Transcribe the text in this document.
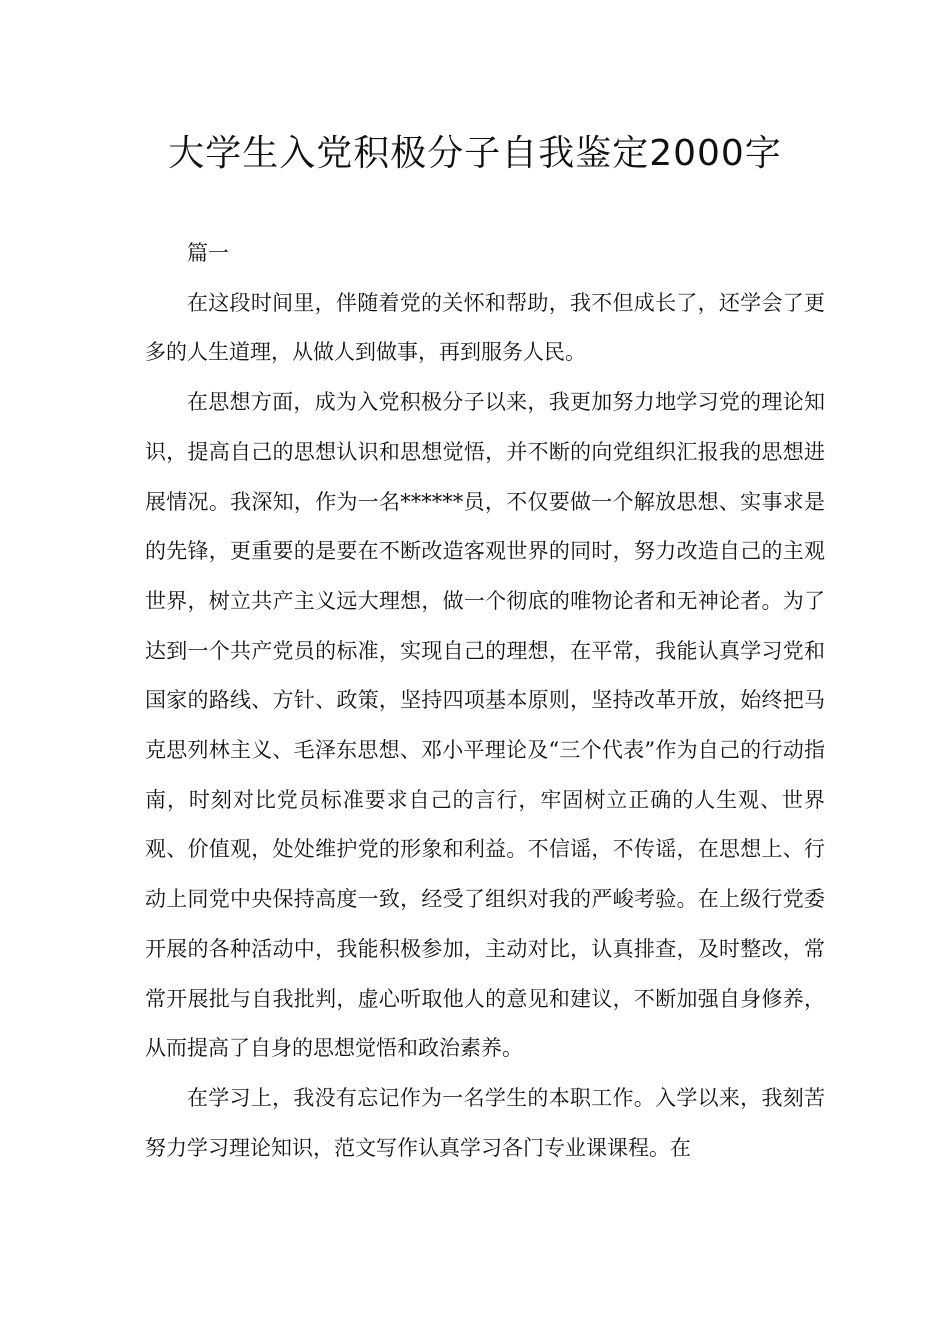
大学生入党积极分子自我鉴定2000字

篇一

在这段时间里，伴随着党的关怀和帮助，我不但成长了，还学会了更多的人生道理，从做人到做事，再到服务人民。

在思想方面，成为入党积极分子以来，我更加努力地学习党的理论知识，提高自己的思想认识和思想觉悟，并不断的向党组织汇报我的思想进展情况。我深知，作为一名******员，不仅要做一个解放思想、实事求是的先锋，更重要的是要在不断改造客观世界的同时，努力改造自己的主观世界，树立共产主义远大理想，做一个彻底的唯物论者和无神论者。为了达到一个共产党员的标准，实现自己的理想，在平常，我能认真学习党和国家的路线、方针、政策，坚持四项基本原则，坚持改革开放，始终把马克思列林主义、毛泽东思想、邓小平理论及“三个代表”作为自己的行动指南，时刻对比党员标准要求自己的言行，牢固树立正确的人生观、世界观、价值观，处处维护党的形象和利益。不信谣，不传谣，在思想上、行动上同党中央保持高度一致，经受了组织对我的严峻考验。在上级行党委开展的各种活动中，我能积极参加，主动对比，认真排查，及时整改，常常开展批与自我批判，虚心听取他人的意见和建议，不断加强自身修养，从而提高了自身的思想觉悟和政治素养。

在学习上，我没有忘记作为一名学生的本职工作。入学以来，我刻苦努力学习理论知识，范文写作认真学习各门专业课课程。在
